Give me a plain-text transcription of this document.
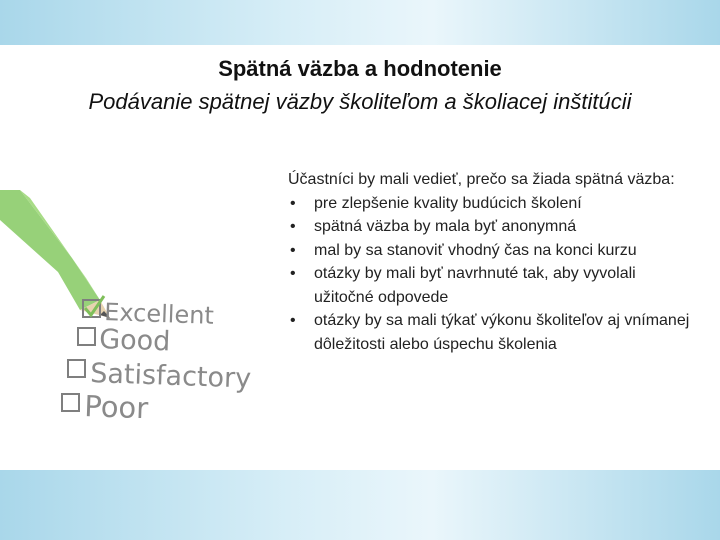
Spätná väzba a hodnotenie
Podávanie spätnej väzby školiteľom a školiacej inštitúcii
Excellent
Good
Satisfactory
Poor

Účastníci by mali vedieť, prečo sa žiada spätná väzba:

• pre zlepšenie kvality budúcich školení
• spätná väzba by mala byť anonymná
• mal by sa stanoviť vhodný čas na konci kurzu
• otázky by mali byť navrhnuté tak, aby vyvolali užitočné odpovede
• otázky by sa mali týkať výkonu školiteľov aj vnímanej dôležitosti alebo úspechu školenia
